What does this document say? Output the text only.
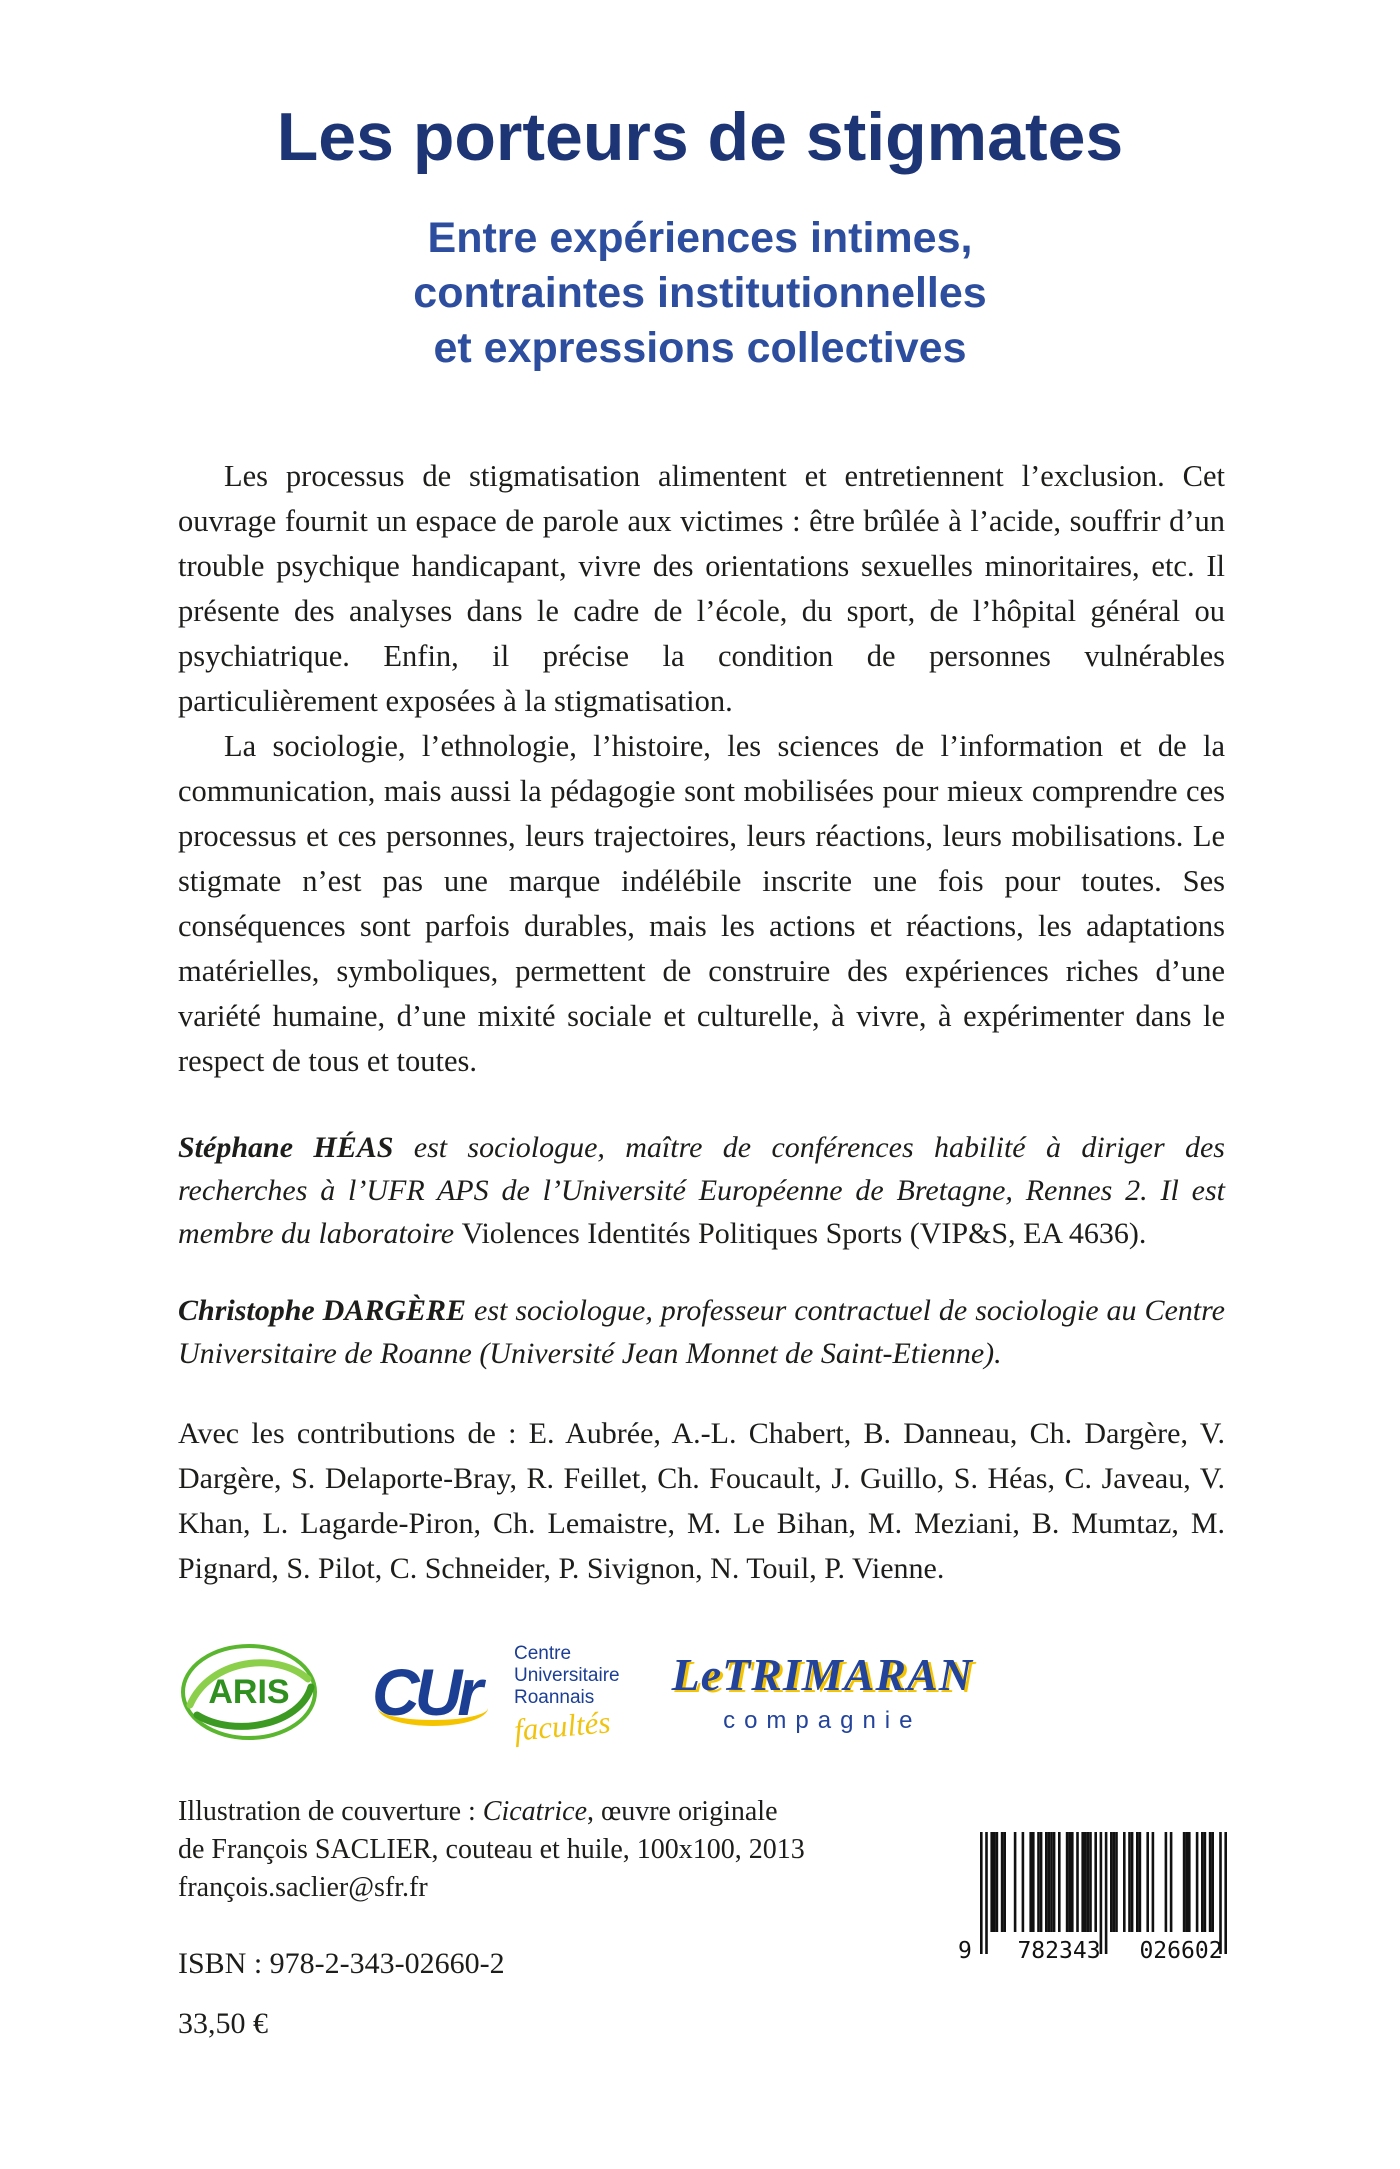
Les porteurs de stigmates
Entre expériences intimes,
contraintes institutionnelles
et expressions collectives

Les processus de stigmatisation alimentent et entretiennent l’exclusion. Cet ouvrage fournit un espace de parole aux victimes : être brûlée à l’acide, souffrir d’un trouble psychique handicapant, vivre des orientations sexuelles minoritaires, etc. Il présente des analyses dans le cadre de l’école, du sport, de l’hôpital général ou psychiatrique. Enfin, il précise la condition de personnes vulnérables particulièrement exposées à la stigmatisation.

La sociologie, l’ethnologie, l’histoire, les sciences de l’information et de la communication, mais aussi la pédagogie sont mobilisées pour mieux comprendre ces processus et ces personnes, leurs trajectoires, leurs réactions, leurs mobilisations. Le stigmate n’est pas une marque indélébile inscrite une fois pour toutes. Ses conséquences sont parfois durables, mais les actions et réactions, les adaptations matérielles, symboliques, permettent de construire des expériences riches d’une variété humaine, d’une mixité sociale et culturelle, à vivre, à expérimenter dans le respect de tous et toutes.

Stéphane HÉAS est sociologue, maître de conférences habilité à diriger des recherches à l’UFR APS de l’Université Européenne de Bretagne, Rennes 2. Il est membre du laboratoire Violences Identités Politiques Sports (VIP&S, EA 4636).

Christophe DARGÈRE est sociologue, professeur contractuel de sociologie au Centre Universitaire de Roanne (Université Jean Monnet de Saint-Etienne).

Avec les contributions de : E. Aubrée, A.-L. Chabert, B. Danneau, Ch. Dargère, V. Dargère, S. Delaporte-Bray, R. Feillet, Ch. Foucault, J. Guillo, S. Héas, C. Javeau, V. Khan, L. Lagarde-Piron, Ch. Lemaistre, M. Le Bihan, M. Meziani, B. Mumtaz, M. Pignard, S. Pilot, C. Schneider, P. Sivignon, N. Touil, P. Vienne.

ARIS CUr
Centre
Universitaire
Roannais
facultés
LeTRIMARAN
compagnie
Illustration de couverture : Cicatrice, œuvre originale
de François SACLIER, couteau et huile, 100x100, 2013
françois.saclier@sfr.fr
ISBN : 978-2-343-02660-2
33,50 €
9 782343 026602
